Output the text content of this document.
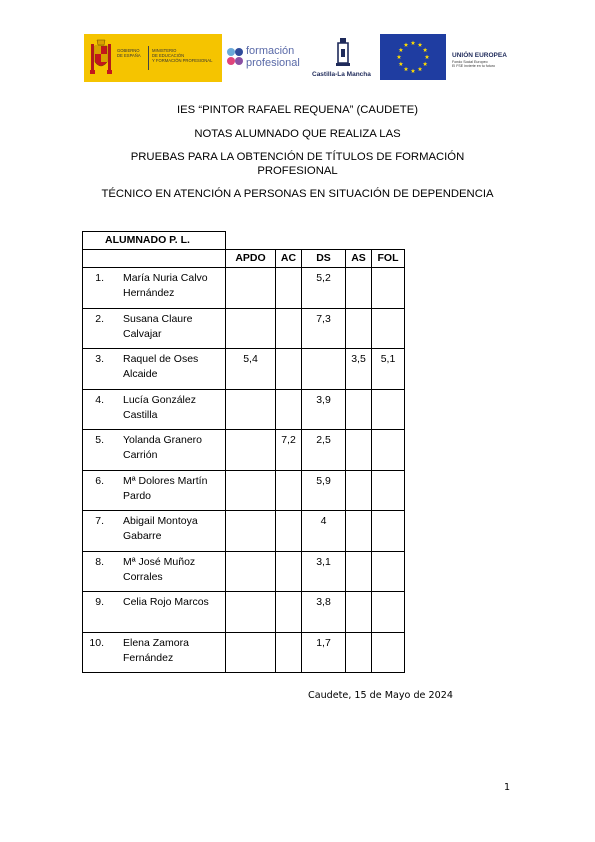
GOBIERNO
DE ESPAÑA
MINISTERIO
DE EDUCACIÓN
Y FORMACIÓN PROFESIONAL
formación
profesional
Castilla-La Mancha
UNIÓN EUROPEA
Fondo Social Europeo
El FSE invierte en tu futuro
IES “PINTOR RAFAEL REQUENA” (CAUDETE)
NOTAS ALUMNADO QUE REALIZA LAS
PRUEBAS PARA LA OBTENCIÓN DE TÍTULOS DE FORMACIÓN
PROFESIONAL
TÉCNICO EN ATENCIÓN A PERSONAS EN SITUACIÓN DE DEPENDENCIA
ALUMNADO P. L.					
	APDO	AC	DS	AS	FOL

1. María Nuria Calvo Hernández			5,2		

2. Susana Claure Calvajar			7,3		

3. Raquel de Oses Alcaide	5,4			3,5	5,1

4. Lucía González Castilla			3,9		

5. Yolanda Granero Carrión		7,2	2,5		

6. Mª Dolores Martín Pardo			5,9		

7. Abigail Montoya Gabarre			4		

8. Mª José Muñoz Corrales			3,1		

9. Celia Rojo Marcos			3,8		

10. Elena Zamora Fernández			1,7		
Caudete, 15 de Mayo de 2024
1
